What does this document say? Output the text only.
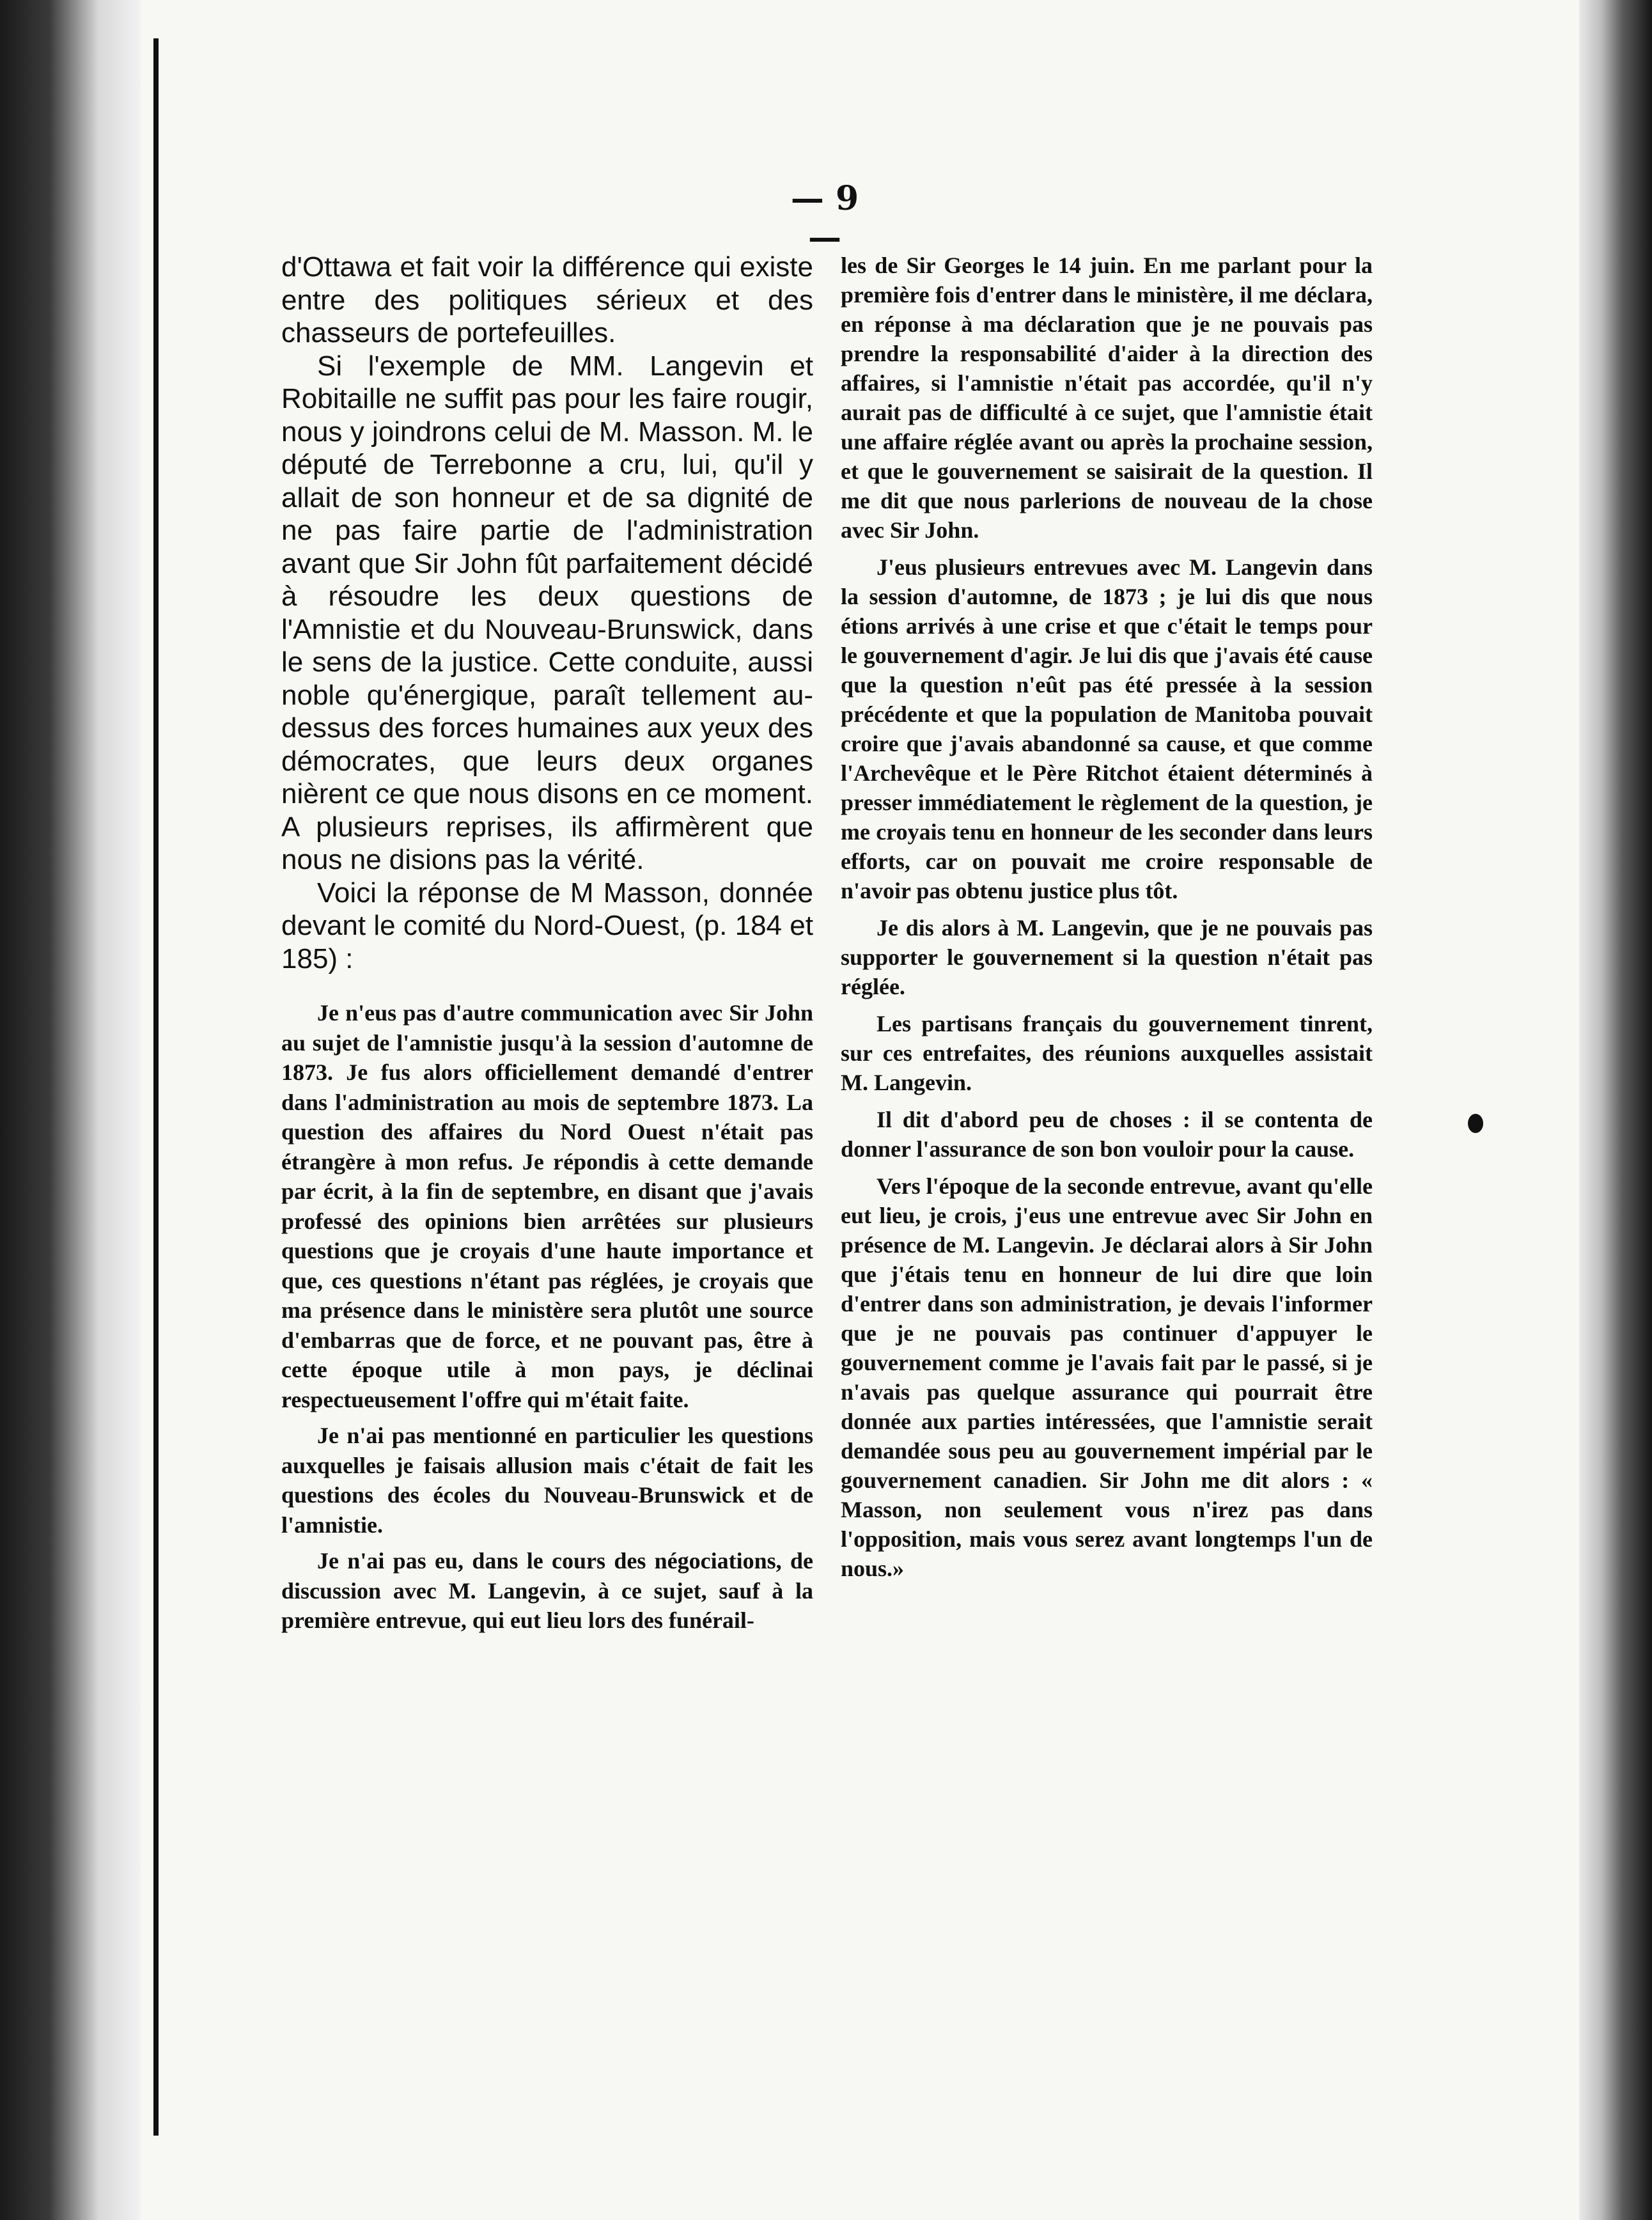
— 9 —

d'Ottawa et fait voir la différence qui existe entre des politiques sérieux et des chasseurs de portefeuilles.

Si l'exemple de MM. Langevin et Robitaille ne suffit pas pour les faire rougir, nous y joindrons celui de M. Masson. M. le député de Terrebonne a cru, lui, qu'il y allait de son honneur et de sa dignité de ne pas faire partie de l'administration avant que Sir John fût parfaitement décidé à résoudre les deux questions de l'Amnistie et du Nouveau-Brunswick, dans le sens de la justice. Cette conduite, aussi noble qu'énergique, paraît tellement au-dessus des forces humaines aux yeux des démocrates, que leurs deux organes nièrent ce que nous disons en ce moment. A plusieurs reprises, ils affirmèrent que nous ne disions pas la vérité.

Voici la réponse de M Masson, donnée devant le comité du Nord-Ouest, (p. 184 et 185) :

Je n'eus pas d'autre communication avec Sir John au sujet de l'amnistie jusqu'à la session d'automne de 1873. Je fus alors officiellement demandé d'entrer dans l'administration au mois de septembre 1873. La question des affaires du Nord Ouest n'était pas étrangère à mon refus. Je répondis à cette demande par écrit, à la fin de septembre, en disant que j'avais professé des opinions bien arrêtées sur plusieurs questions que je croyais d'une haute importance et que, ces questions n'étant pas réglées, je croyais que ma présence dans le ministère sera plutôt une source d'embarras que de force, et ne pouvant pas, être à cette époque utile à mon pays, je déclinai respectueusement l'offre qui m'était faite.

Je n'ai pas mentionné en particulier les questions auxquelles je faisais allusion mais c'était de fait les questions des écoles du Nouveau-Brunswick et de l'amnistie.

Je n'ai pas eu, dans le cours des négociations, de discussion avec M. Langevin, à ce sujet, sauf à la première entrevue, qui eut lieu lors des funérail-

les de Sir Georges le 14 juin. En me parlant pour la première fois d'entrer dans le ministère, il me déclara, en réponse à ma déclaration que je ne pouvais pas prendre la responsabilité d'aider à la direction des affaires, si l'amnistie n'était pas accordée, qu'il n'y aurait pas de difficulté à ce sujet, que l'amnistie était une affaire réglée avant ou après la prochaine session, et que le gouvernement se saisirait de la question. Il me dit que nous parlerions de nouveau de la chose avec Sir John.

J'eus plusieurs entrevues avec M. Langevin dans la session d'automne, de 1873 ; je lui dis que nous étions arrivés à une crise et que c'était le temps pour le gouvernement d'agir. Je lui dis que j'avais été cause que la question n'eût pas été pressée à la session précédente et que la population de Manitoba pouvait croire que j'avais abandonné sa cause, et que comme l'Archevêque et le Père Ritchot étaient déterminés à presser immédiatement le règlement de la question, je me croyais tenu en honneur de les seconder dans leurs efforts, car on pouvait me croire responsable de n'avoir pas obtenu justice plus tôt.

Je dis alors à M. Langevin, que je ne pouvais pas supporter le gouvernement si la question n'était pas réglée.

Les partisans français du gouvernement tinrent, sur ces entrefaites, des réunions auxquelles assistait M. Langevin.

Il dit d'abord peu de choses : il se contenta de donner l'assurance de son bon vouloir pour la cause.

Vers l'époque de la seconde entrevue, avant qu'elle eut lieu, je crois, j'eus une entrevue avec Sir John en présence de M. Langevin. Je déclarai alors à Sir John que j'étais tenu en honneur de lui dire que loin d'entrer dans son administration, je devais l'informer que je ne pouvais pas continuer d'appuyer le gouvernement comme je l'avais fait par le passé, si je n'avais pas quelque assurance qui pourrait être donnée aux parties intéressées, que l'amnistie serait demandée sous peu au gouvernement impérial par le gouvernement canadien. Sir John me dit alors : « Masson, non seulement vous n'irez pas dans l'opposition, mais vous serez avant longtemps l'un de nous.»
